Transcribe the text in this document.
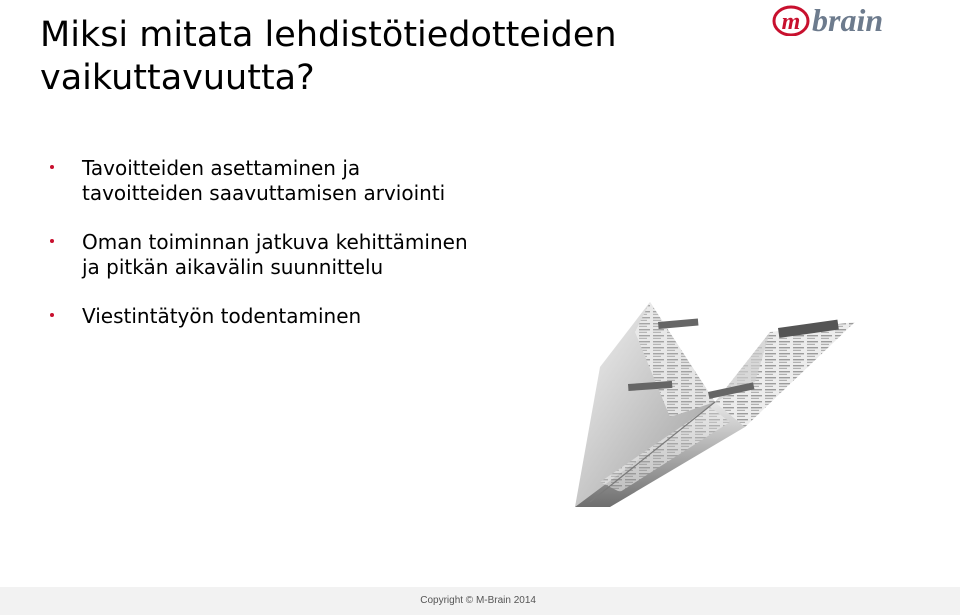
Miksi mitata lehdistötiedotteiden
vaikuttavuutta?
m brain
Tavoitteiden asettaminen ja
tavoitteiden saavuttamisen arviointi
Oman toiminnan jatkuva kehittäminen
ja pitkän aikavälin suunnittelu
Viestintätyön todentaminen
Copyright © M-Brain 2014
